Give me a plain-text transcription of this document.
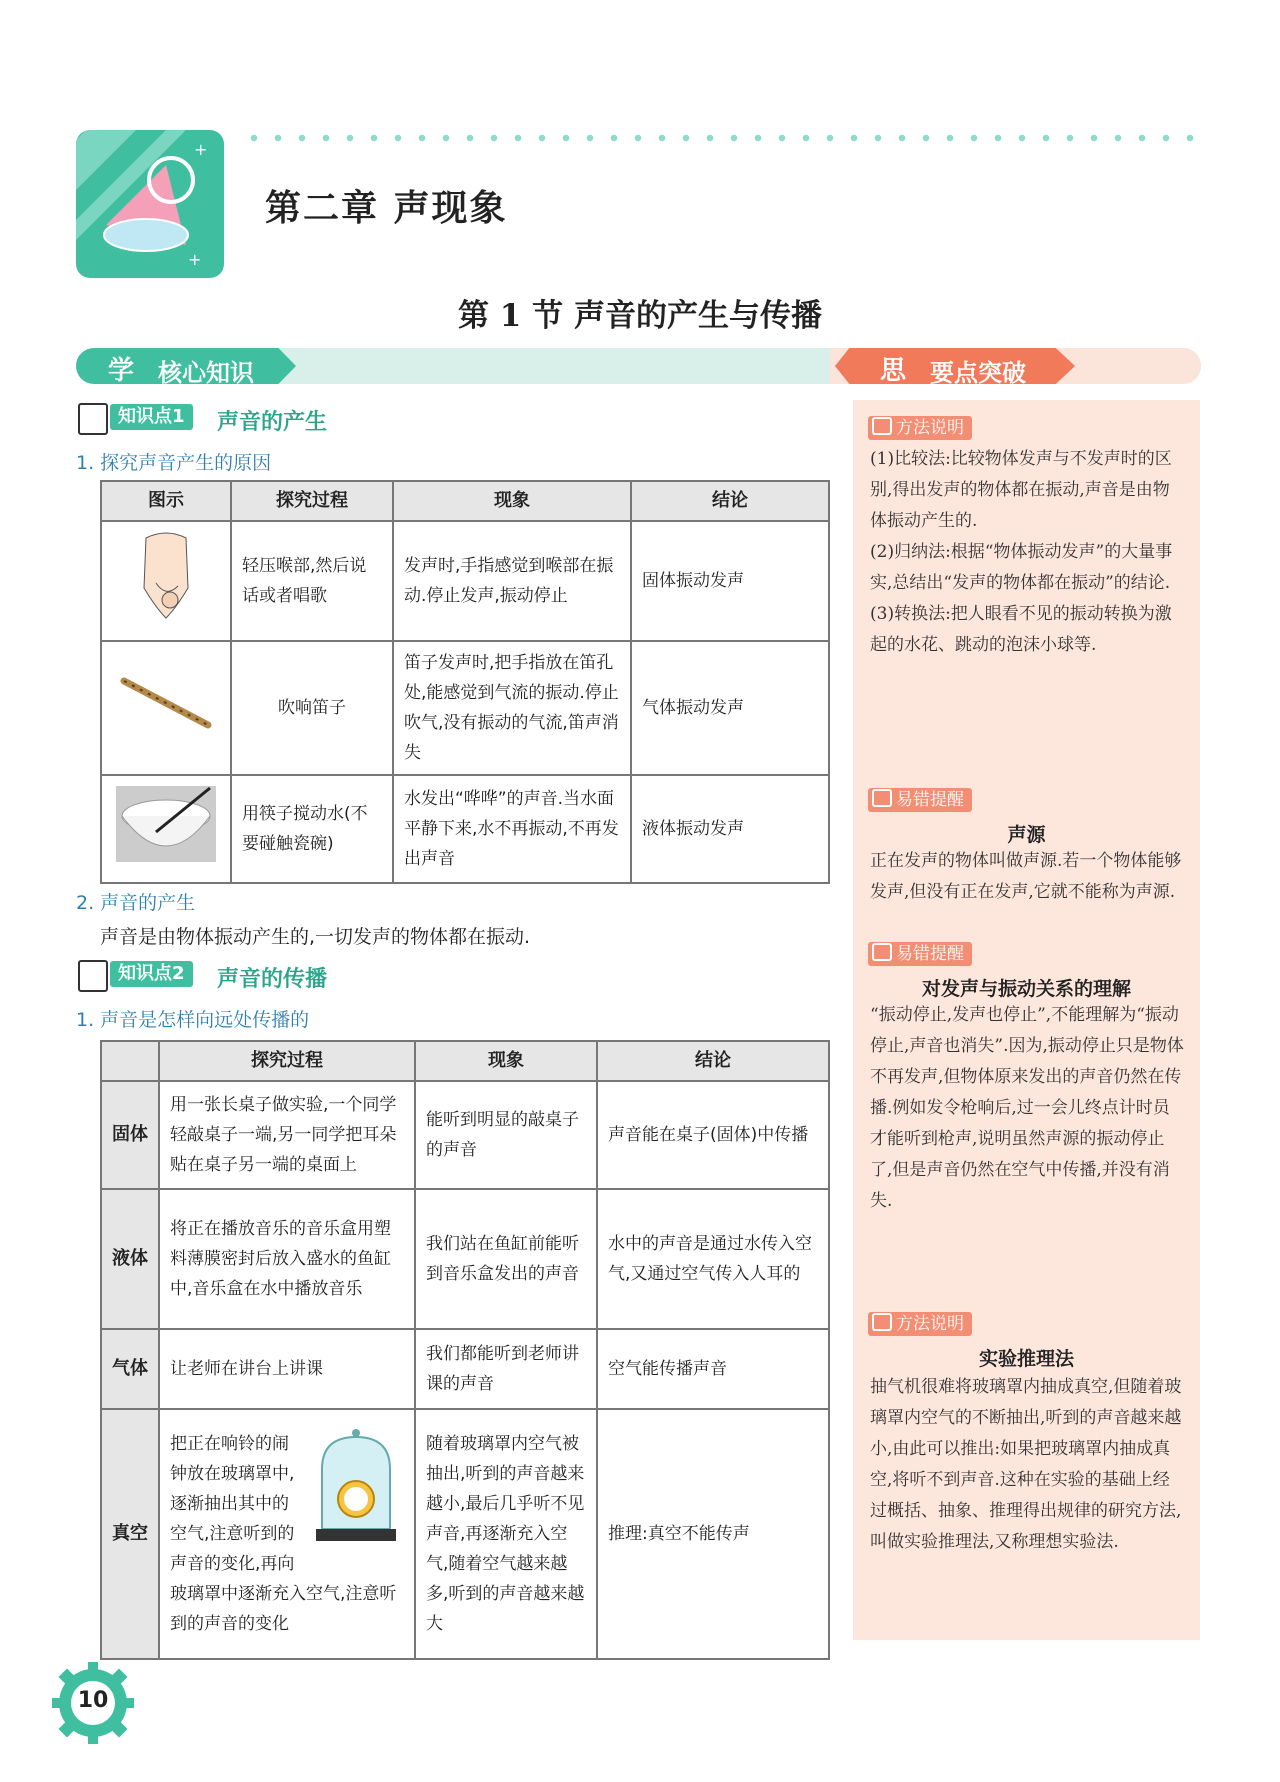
+
+
第二章 声现象
第 1 节 声音的产生与传播
学 核心知识	思 要点突破
知识点1	声音的产生
1. 探究声音产生的原因
图示	探究过程	现象	结论
	轻压喉部,然后说话或者唱歌	发声时,手指感觉到喉部在振动.停止发声,振动停止	固体振动发声
	吹响笛子	笛子发声时,把手指放在笛孔处,能感觉到气流的振动.停止吹气,没有振动的气流,笛声消失	气体振动发声
	用筷子搅动水(不要碰触瓷碗)	水发出“哗哗”的声音.当水面平静下来,水不再振动,不再发出声音	液体振动发声
2. 声音的产生
声音是由物体振动产生的,一切发声的物体都在振动.
知识点2	声音的传播
1. 声音是怎样向远处传播的
	探究过程	现象	结论
固体	用一张长桌子做实验,一个同学轻敲桌子一端,另一同学把耳朵贴在桌子另一端的桌面上	能听到明显的敲桌子的声音	声音能在桌子(固体)中传播
液体	将正在播放音乐的音乐盒用塑料薄膜密封后放入盛水的鱼缸中,音乐盒在水中播放音乐	我们站在鱼缸前能听到音乐盒发出的声音	水中的声音是通过水传入空气,又通过空气传入人耳的
气体	让老师在讲台上讲课	我们都能听到老师讲课的声音	空气能传播声音
真空	把正在响铃的闹钟放在玻璃罩中,逐渐抽出其中的空气,注意听到的声音的变化,再向玻璃罩中逐渐充入空气,注意听到的声音的变化	随着玻璃罩内空气被抽出,听到的声音越来越小,最后几乎听不见声音,再逐渐充入空气,随着空气越来越多,听到的声音越来越大	推理:真空不能传声
方法说明
(1)比较法:比较物体发声与不发声时的区别,得出发声的物体都在振动,声音是由物体振动产生的.
(2)归纳法:根据“物体振动发声”的大量事实,总结出“发声的物体都在振动”的结论.
(3)转换法:把人眼看不见的振动转换为激起的水花、跳动的泡沫小球等.
易错提醒
声源
正在发声的物体叫做声源.若一个物体能够发声,但没有正在发声,它就不能称为声源.
易错提醒
对发声与振动关系的理解
“振动停止,发声也停止”,不能理解为“振动停止,声音也消失”.因为,振动停止只是物体不再发声,但物体原来发出的声音仍然在传播.例如发令枪响后,过一会儿终点计时员才能听到枪声,说明虽然声源的振动停止了,但是声音仍然在空气中传播,并没有消失.
方法说明
实验推理法
抽气机很难将玻璃罩内抽成真空,但随着玻璃罩内空气的不断抽出,听到的声音越来越小,由此可以推出:如果把玻璃罩内抽成真空,将听不到声音.这种在实验的基础上经过概括、抽象、推理得出规律的研究方法,叫做实验推理法,又称理想实验法.
10
